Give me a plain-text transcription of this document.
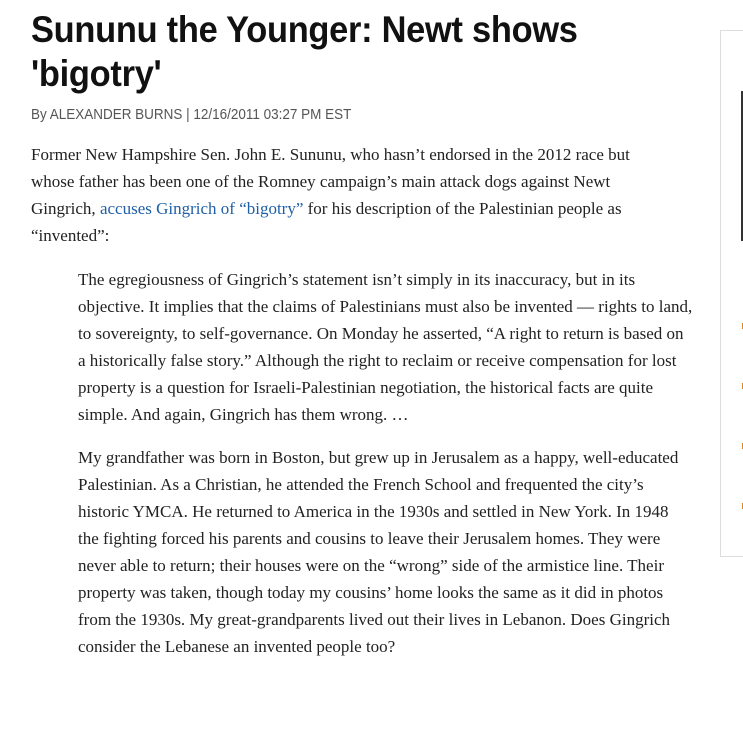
Sununu the Younger: Newt shows 'bigotry'
By ALEXANDER BURNS | 12/16/2011 03:27 PM EST

Former New Hampshire Sen. John E. Sununu, who hasn’t endorsed in the 2012 race but whose father has been one of the Romney campaign’s main attack dogs against Newt Gingrich, accuses Gingrich of “bigotry” for his description of the Palestinian people as “invented”:

The egregiousness of Gingrich’s statement isn’t simply in its inaccuracy, but in its objective. It implies that the claims of Palestinians must also be invented — rights to land, to sovereignty, to self-governance. On Monday he asserted, “A right to return is based on a historically false story.” Although the right to reclaim or receive compensation for lost property is a question for Israeli-Palestinian negotiation, the historical facts are quite simple. And again, Gingrich has them wrong. …

My grandfather was born in Boston, but grew up in Jerusalem as a happy, well-educated Palestinian. As a Christian, he attended the French School and frequented the city’s historic YMCA. He returned to America in the 1930s and settled in New York. In 1948 the fighting forced his parents and cousins to leave their Jerusalem homes. They were never able to return; their houses were on the “wrong” side of the armistice line. Their property was taken, though today my cousins’ home looks the same as it did in photos from the 1930s. My great-grandparents lived out their lives in Lebanon. Does Gingrich consider the Lebanese an invented people too?
